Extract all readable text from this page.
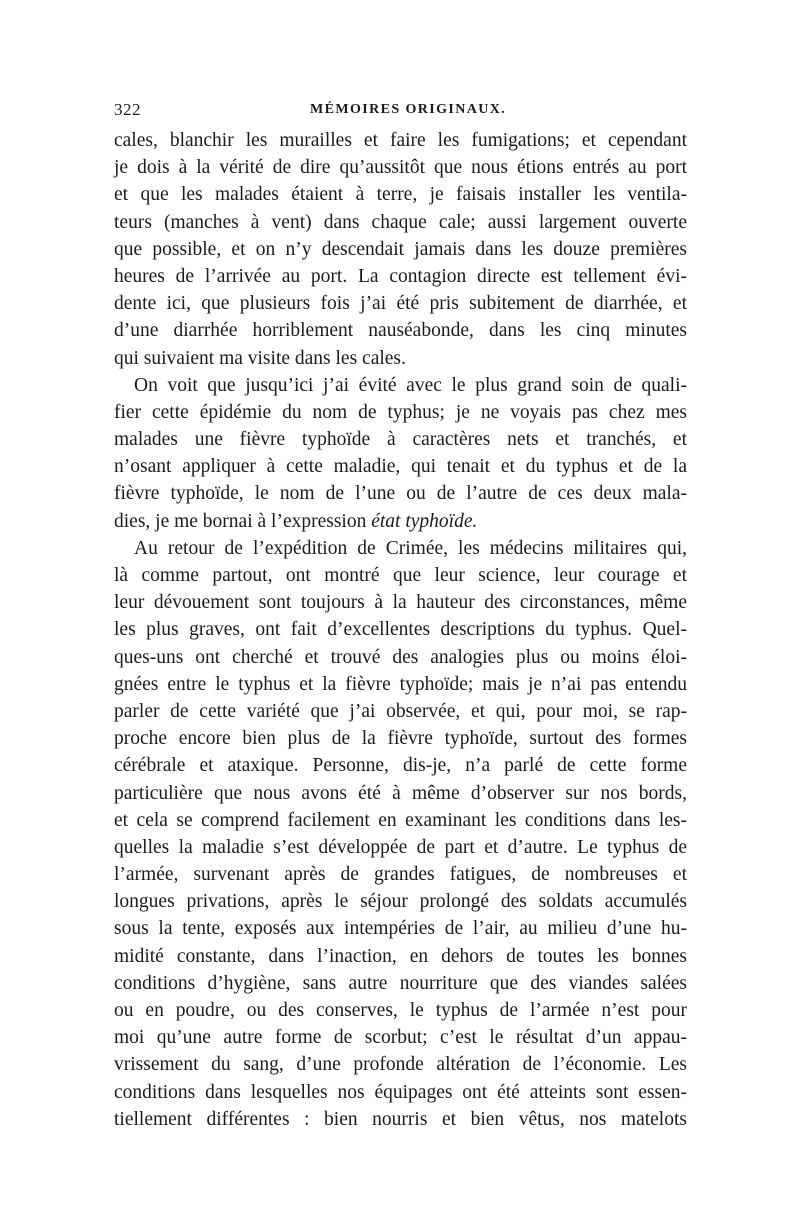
322	MÉMOIRES ORIGINAUX.
cales, blanchir les murailles et faire les fumigations; et cependant
je dois à la vérité de dire qu’aussitôt que nous étions entrés au port
et que les malades étaient à terre, je faisais installer les ventila-
teurs (manches à vent) dans chaque cale; aussi largement ouverte
que possible, et on n’y descendait jamais dans les douze premières
heures de l’arrivée au port. La contagion directe est tellement évi-
dente ici, que plusieurs fois j’ai été pris subitement de diarrhée, et
d’une diarrhée horriblement nauséabonde, dans les cinq minutes
qui suivaient ma visite dans les cales.
On voit que jusqu’ici j’ai évité avec le plus grand soin de quali-
fier cette épidémie du nom de typhus; je ne voyais pas chez mes
malades une fièvre typhoïde à caractères nets et tranchés, et
n’osant appliquer à cette maladie, qui tenait et du typhus et de la
fièvre typhoïde, le nom de l’une ou de l’autre de ces deux mala-
dies, je me bornai à l’expression état typhoïde.
Au retour de l’expédition de Crimée, les médecins militaires qui,
là comme partout, ont montré que leur science, leur courage et
leur dévouement sont toujours à la hauteur des circonstances, même
les plus graves, ont fait d’excellentes descriptions du typhus. Quel-
ques-uns ont cherché et trouvé des analogies plus ou moins éloi-
gnées entre le typhus et la fièvre typhoïde; mais je n’ai pas entendu
parler de cette variété que j’ai observée, et qui, pour moi, se rap-
proche encore bien plus de la fièvre typhoïde, surtout des formes
cérébrale et ataxique. Personne, dis-je, n’a parlé de cette forme
particulière que nous avons été à même d’observer sur nos bords,
et cela se comprend facilement en examinant les conditions dans les-
quelles la maladie s’est développée de part et d’autre. Le typhus de
l’armée, survenant après de grandes fatigues, de nombreuses et
longues privations, après le séjour prolongé des soldats accumulés
sous la tente, exposés aux intempéries de l’air, au milieu d’une hu-
midité constante, dans l’inaction, en dehors de toutes les bonnes
conditions d’hygiène, sans autre nourriture que des viandes salées
ou en poudre, ou des conserves, le typhus de l’armée n’est pour
moi qu’une autre forme de scorbut; c’est le résultat d’un appau-
vrissement du sang, d’une profonde altération de l’économie. Les
conditions dans lesquelles nos équipages ont été atteints sont essen-
tiellement différentes : bien nourris et bien vêtus, nos matelots
